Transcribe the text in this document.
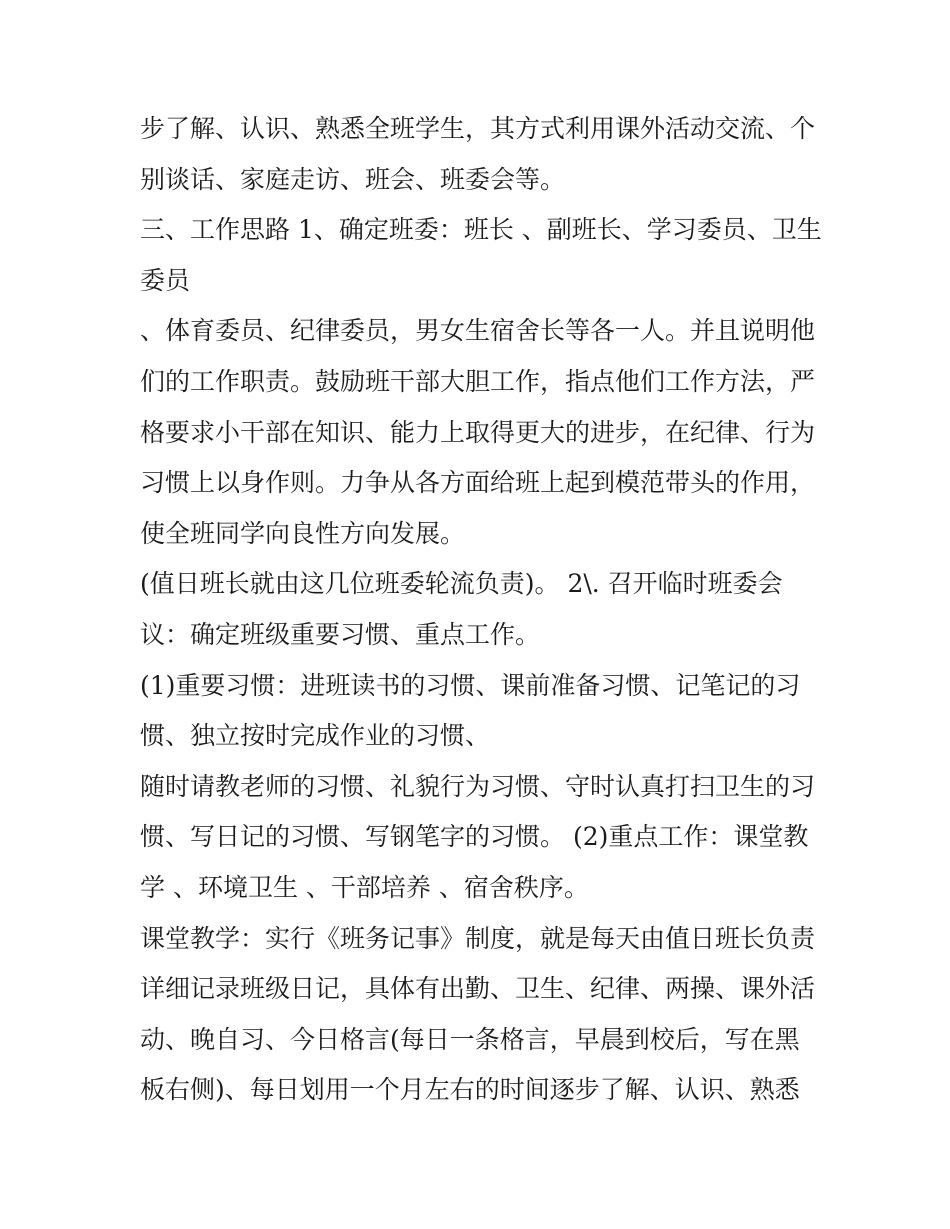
步了解、认识、熟悉全班学生，其方式利用课外活动交流、个
别谈话、家庭走访、班会、班委会等。
三、工作思路 1、确定班委：班长 、副班长、学习委员、卫生
委员
、体育委员、纪律委员，男女生宿舍长等各一人。并且说明他
们的工作职责。鼓励班干部大胆工作，指点他们工作方法，严
格要求小干部在知识、能力上取得更大的进步，在纪律、行为
习惯上以身作则。力争从各方面给班上起到模范带头的作用，
使全班同学向良性方向发展。
(值日班长就由这几位班委轮流负责)。 2\. 召开临时班委会
议：确定班级重要习惯、重点工作。
(1)重要习惯：进班读书的习惯、课前准备习惯、记笔记的习
惯、独立按时完成作业的习惯、
随时请教老师的习惯、礼貌行为习惯、守时认真打扫卫生的习
惯、写日记的习惯、写钢笔字的习惯。 (2)重点工作：课堂教
学 、环境卫生 、干部培养 、宿舍秩序。
课堂教学：实行《班务记事》制度，就是每天由值日班长负责
详细记录班级日记，具体有出勤、卫生、纪律、两操、课外活
动、晚自习、今日格言(每日一条格言，早晨到校后，写在黑
板右侧)、每日划用一个月左右的时间逐步了解、认识、熟悉
